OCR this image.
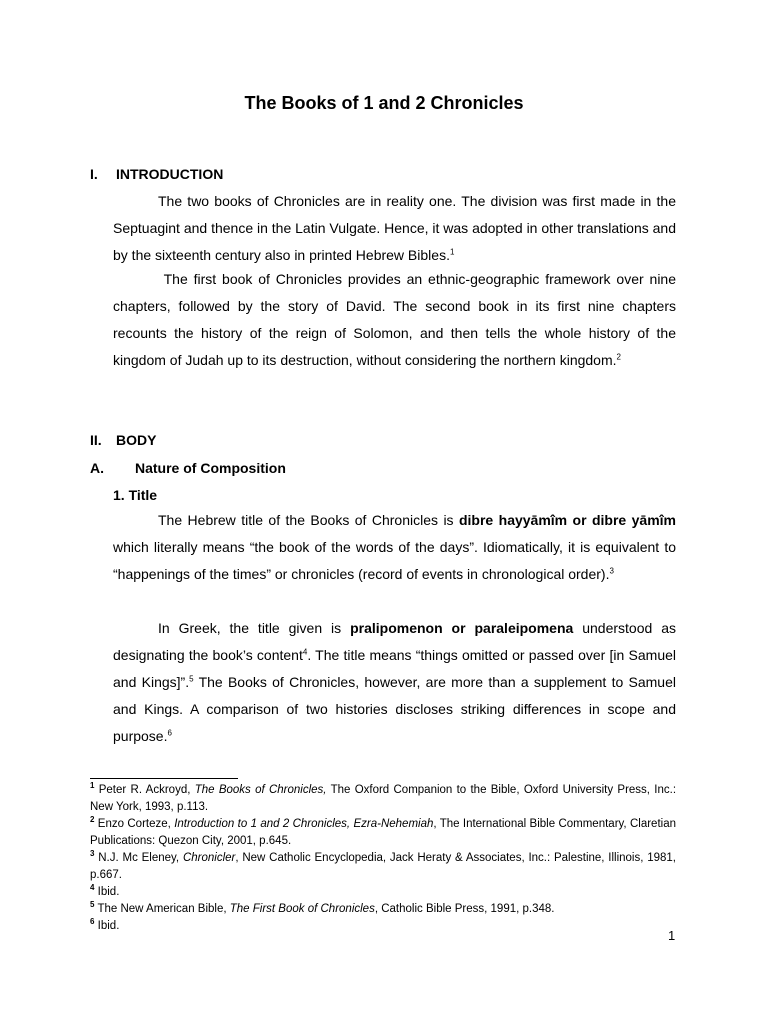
The Books of 1 and 2 Chronicles
I. INTRODUCTION

The two books of Chronicles are in reality one. The division was first made in the Septuagint and thence in the Latin Vulgate. Hence, it was adopted in other translations and by the sixteenth century also in printed Hebrew Bibles.$^1$

The first book of Chronicles provides an ethnic-geographic framework over nine chapters, followed by the story of David. The second book in its first nine chapters recounts the history of the reign of Solomon, and then tells the whole history of the kingdom of Judah up to its destruction, without considering the northern kingdom.$^2$

II. BODY
A. Nature of Composition
1. Title

The Hebrew title of the Books of Chronicles is dibre hayyāmîm or dibre yāmîm which literally means “the book of the words of the days”. Idiomatically, it is equivalent to “happenings of the times” or chronicles (record of events in chronological order).$^3$

In Greek, the title given is pralipomenon or paraleipomena understood as designating the book’s content$^4$. The title means “things omitted or passed over [in Samuel and Kings]”.$^5$ The Books of Chronicles, however, are more than a supplement to Samuel and Kings. A comparison of two histories discloses striking differences in scope and purpose.$^6$

$^1$ Peter R. Ackroyd, The Books of Chronicles, The Oxford Companion to the Bible, Oxford University Press, Inc.: New York, 1993, p.113.

$^2$ Enzo Corteze, Introduction to 1 and 2 Chronicles, Ezra-Nehemiah, The International Bible Commentary, Claretian Publications: Quezon City, 2001, p.645.

$^3$ N.J. Mc Eleney, Chronicler, New Catholic Encyclopedia, Jack Heraty & Associates, Inc.: Palestine, Illinois, 1981, p.667.

$^4$ Ibid.

$^5$ The New American Bible, The First Book of Chronicles, Catholic Bible Press, 1991, p.348.

$^6$ Ibid.

1
